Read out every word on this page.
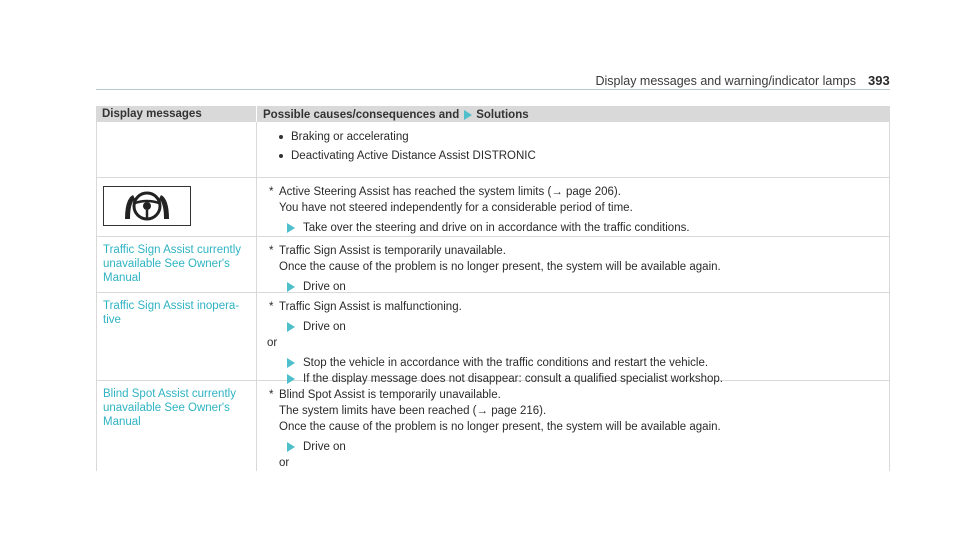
Display messages and warning/indicator lamps 393
Display messages	Possible causes/consequences and Solutions
Braking or accelerating
Deactivating Active Distance Assist DISTRONIC
* Active Steering Assist has reached the system limits (→ page 206).
You have not steered independently for a considerable period of time.
Take over the steering and drive on in accordance with the traffic conditions.
Traffic Sign Assist currently unavailable See Owner's Manual
* Traffic Sign Assist is temporarily unavailable.
Once the cause of the problem is no longer present, the system will be available again.
Drive on
Traffic Sign Assist inopera-tive
* Traffic Sign Assist is malfunctioning.
Drive on
or
Stop the vehicle in accordance with the traffic conditions and restart the vehicle.
If the display message does not disappear: consult a qualified specialist workshop.
Blind Spot Assist currently unavailable See Owner's Manual
* Blind Spot Assist is temporarily unavailable.
The system limits have been reached (→ page 216).
Once the cause of the problem is no longer present, the system will be available again.
Drive on
or
